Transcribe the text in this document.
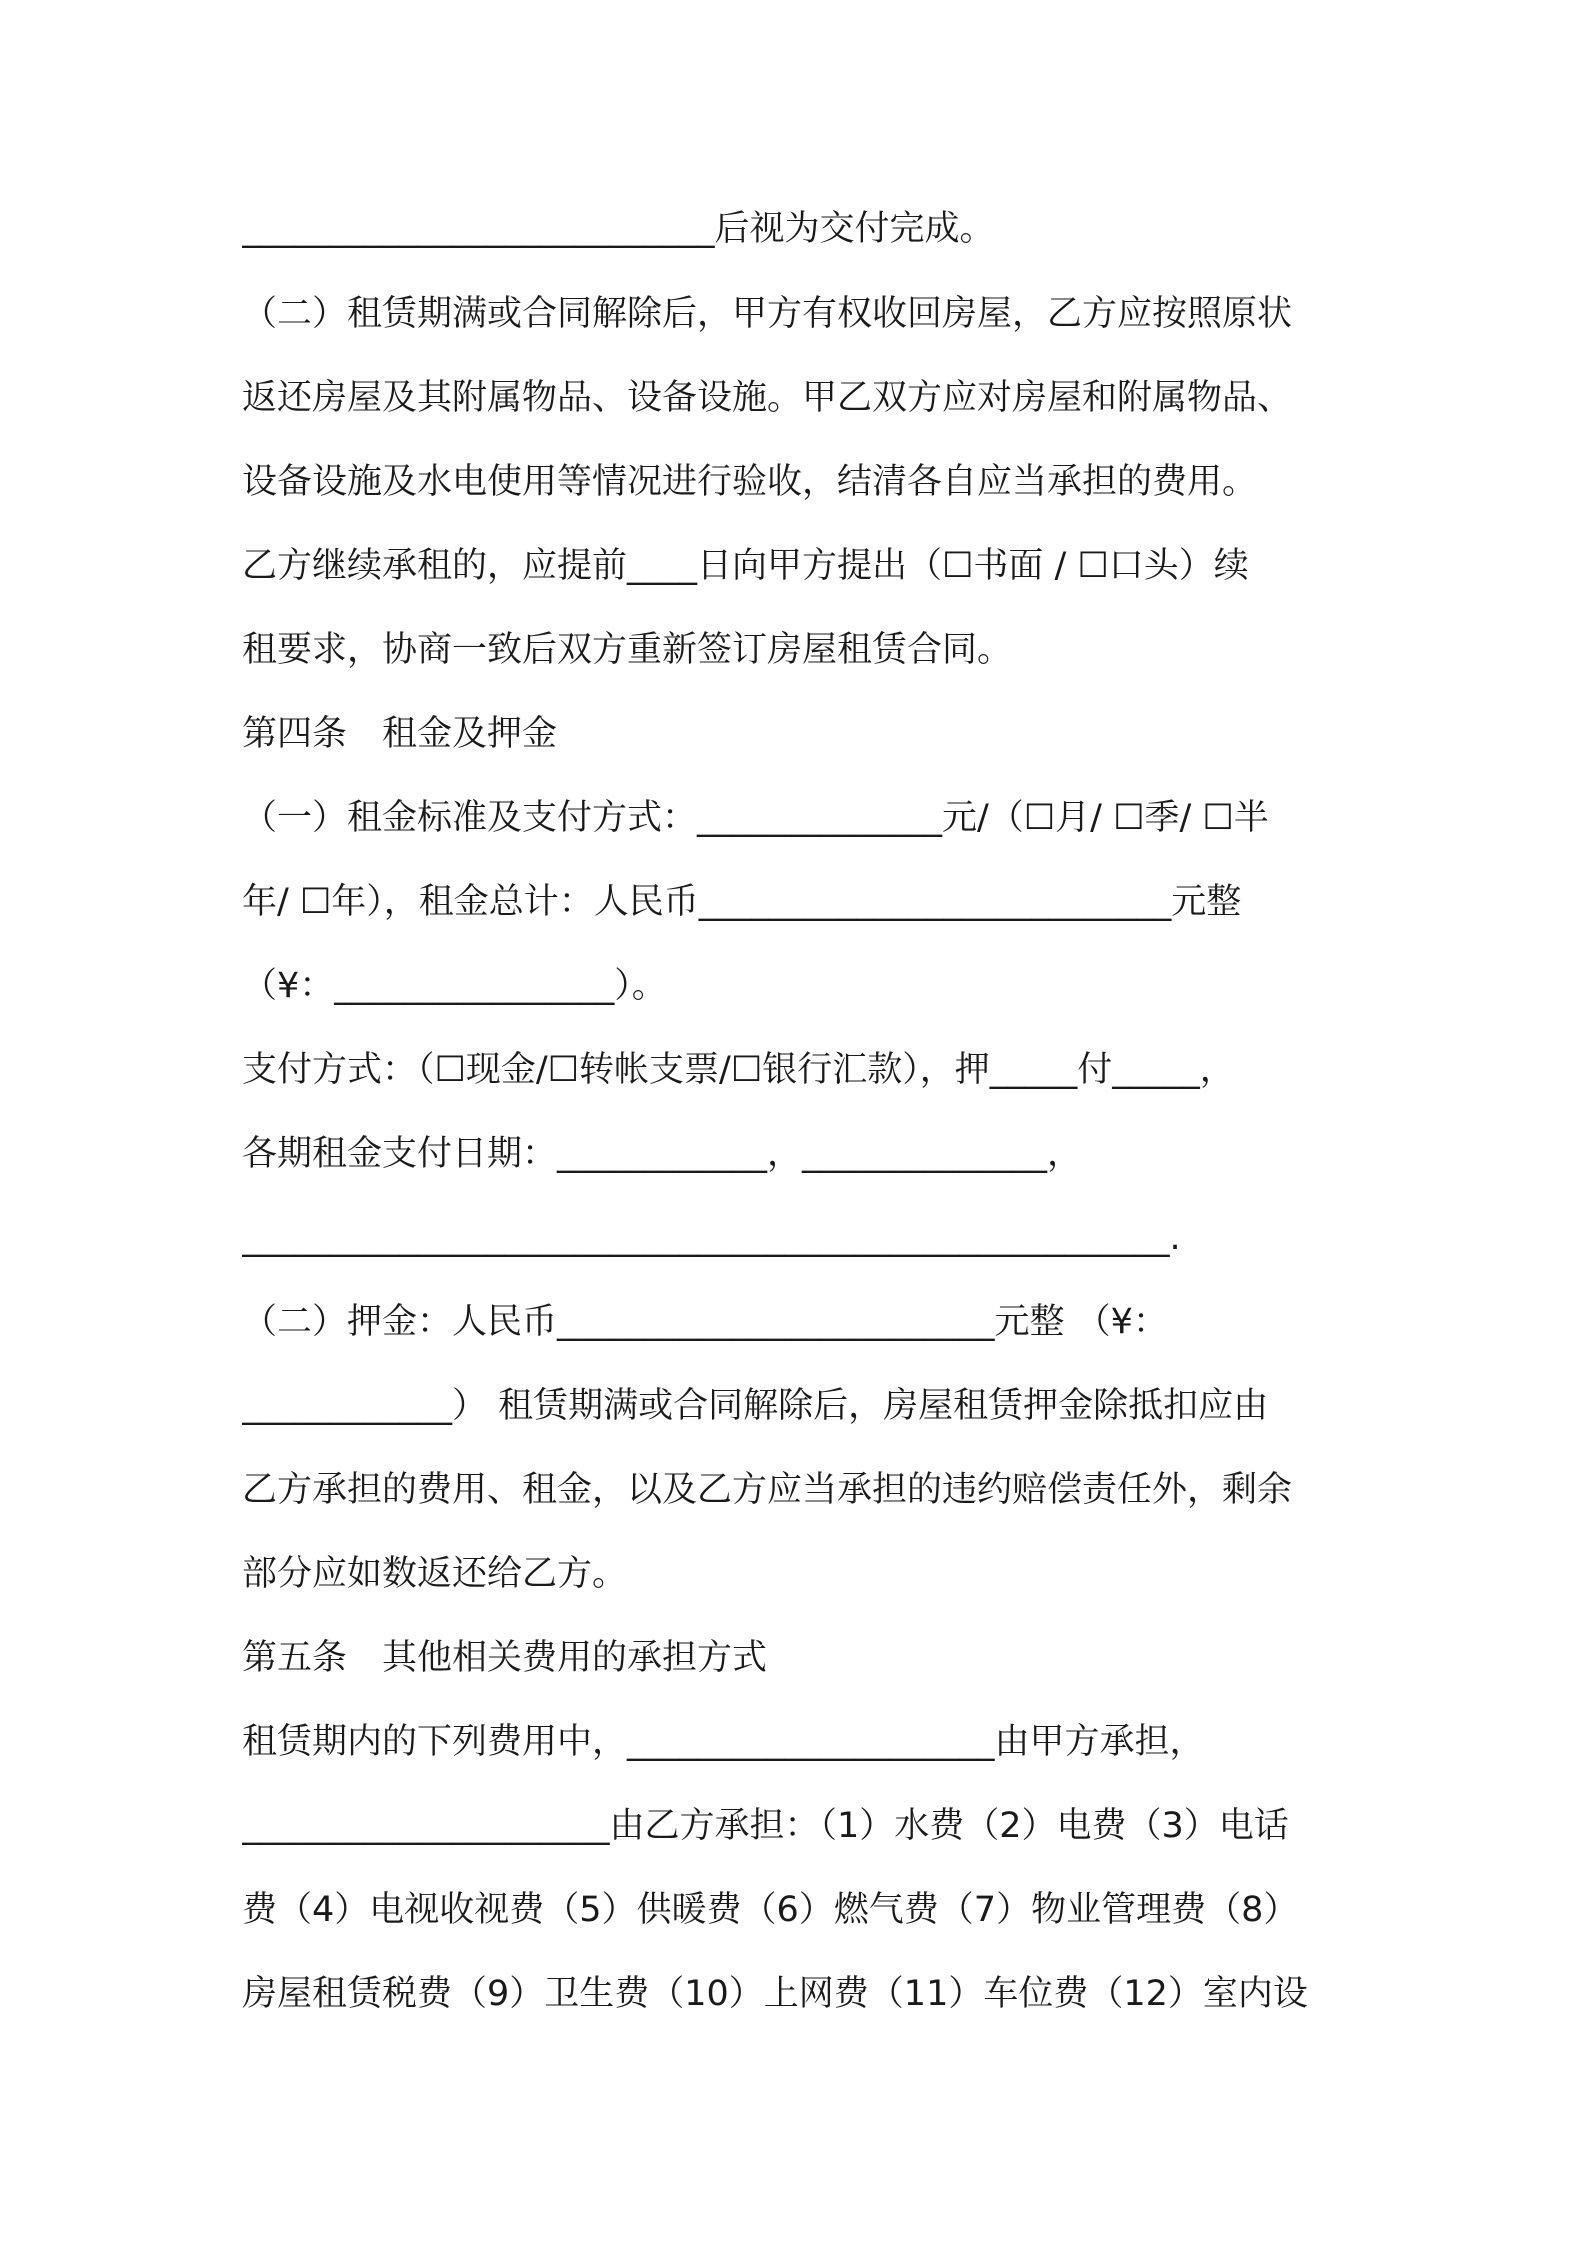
___________________________后视为交付完成。
（二）租赁期满或合同解除后，甲方有权收回房屋，乙方应按照原状
返还房屋及其附属物品、设备设施。甲乙双方应对房屋和附属物品、
设备设施及水电使用等情况进行验收，结清各自应当承担的费用。
乙方继续承租的，应提前____日向甲方提出（☐书面 / ☐口头）续
租要求，协商一致后双方重新签订房屋租赁合同。
第四条　租金及押金
（一）租金标准及支付方式：______________元/（☐月/ ☐季/ ☐半
年/ ☐年），租金总计：人民币___________________________元整
（¥：________________）。
支付方式：（☐现金/☐转帐支票/☐银行汇款），押_____付_____，
各期租金支付日期：____________，______________，
_____________________________________________________.
（二）押金：人民币_________________________元整 （¥：
____________） 租赁期满或合同解除后，房屋租赁押金除抵扣应由
乙方承担的费用、租金，以及乙方应当承担的违约赔偿责任外，剩余
部分应如数返还给乙方。
第五条　其他相关费用的承担方式
租赁期内的下列费用中，_____________________由甲方承担，
_____________________由乙方承担：（1）水费（2）电费（3）电话
费（4）电视收视费（5）供暖费（6）燃气费（7）物业管理费（8）
房屋租赁税费（9）卫生费（10）上网费（11）车位费（12）室内设
